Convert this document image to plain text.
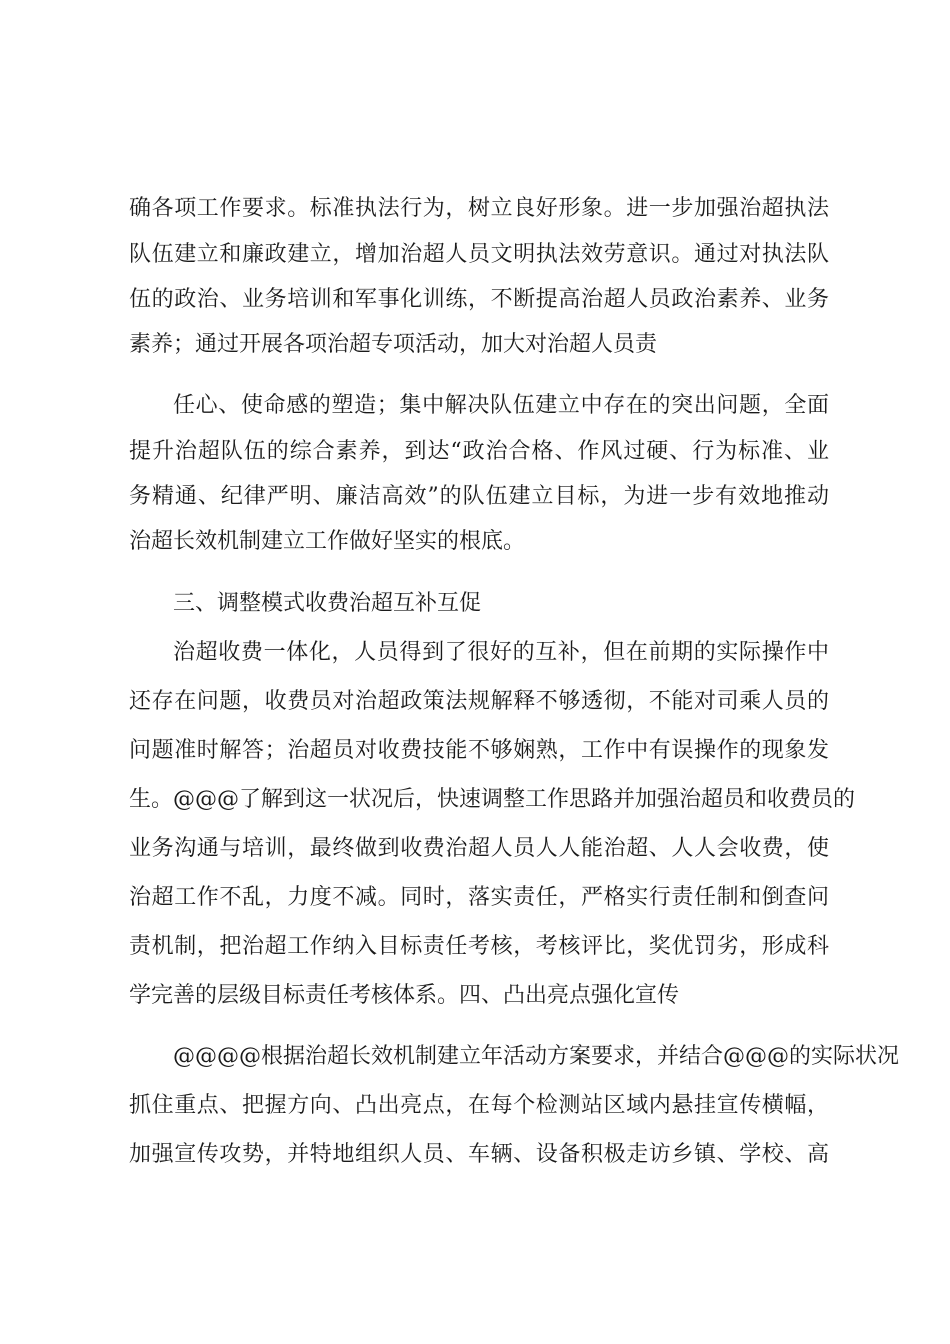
确各项工作要求。标准执法行为，树立良好形象。进一步加强治超执法
队伍建立和廉政建立，增加治超人员文明执法效劳意识。通过对执法队
伍的政治、业务培训和军事化训练，不断提高治超人员政治素养、业务
素养；通过开展各项治超专项活动，加大对治超人员责
任心、使命感的塑造；集中解决队伍建立中存在的突出问题，全面
提升治超队伍的综合素养，到达“政治合格、作风过硬、行为标准、业
务精通、纪律严明、廉洁高效”的队伍建立目标，为进一步有效地推动
治超长效机制建立工作做好坚实的根底。
三、调整模式收费治超互补互促
治超收费一体化，人员得到了很好的互补，但在前期的实际操作中
还存在问题，收费员对治超政策法规解释不够透彻，不能对司乘人员的
问题准时解答；治超员对收费技能不够娴熟，工作中有误操作的现象发
生。@@@了解到这一状况后，快速调整工作思路并加强治超员和收费员的
业务沟通与培训，最终做到收费治超人员人人能治超、人人会收费，使
治超工作不乱，力度不减。同时，落实责任，严格实行责任制和倒查问
责机制，把治超工作纳入目标责任考核，考核评比，奖优罚劣，形成科
学完善的层级目标责任考核体系。四、凸出亮点强化宣传
@@@@根据治超长效机制建立年活动方案要求，并结合@@@的实际状况
抓住重点、把握方向、凸出亮点，在每个检测站区域内悬挂宣传横幅，
加强宣传攻势，并特地组织人员、车辆、设备积极走访乡镇、学校、高
